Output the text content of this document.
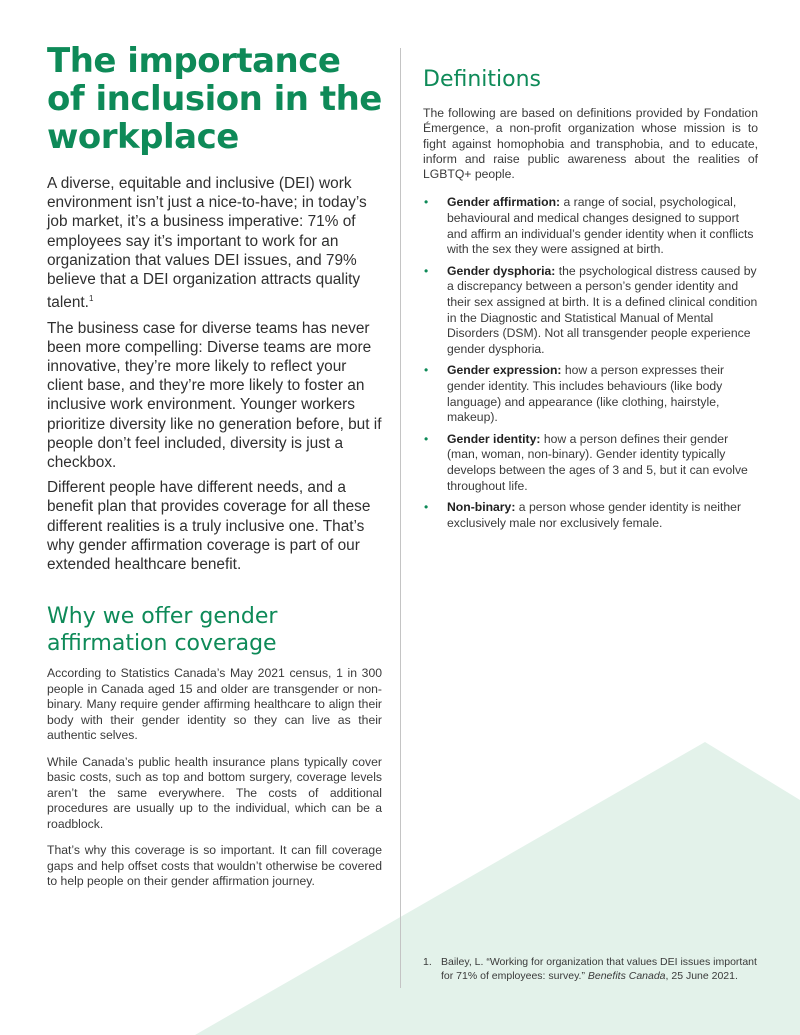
The importance of inclusion in the workplace

A diverse, equitable and inclusive (DEI) work environment isn’t just a nice-to-have; in today’s job market, it’s a business imperative: 71% of employees say it’s important to work for an organization that values DEI issues, and 79% believe that a DEI organization attracts quality talent.$^1$

The business case for diverse teams has never been more compelling: Diverse teams are more innovative, they’re more likely to reflect your client base, and they’re more likely to foster an inclusive work environment. Younger workers prioritize diversity like no generation before, but if people don’t feel included, diversity is just a checkbox.

Different people have different needs, and a benefit plan that provides coverage for all these different realities is a truly inclusive one. That’s why gender affirmation coverage is part of our extended healthcare benefit.

Why we offer gender affirmation coverage

According to Statistics Canada’s May 2021 census, 1 in 300 people in Canada aged 15 and older are transgender or non-binary. Many require gender affirming healthcare to align their body with their gender identity so they can live as their authentic selves.

While Canada’s public health insurance plans typically cover basic costs, such as top and bottom surgery, coverage levels aren’t the same everywhere. The costs of additional procedures are usually up to the individual, which can be a roadblock.

That’s why this coverage is so important. It can fill coverage gaps and help offset costs that wouldn’t otherwise be covered to help people on their gender affirmation journey.

Definitions

The following are based on definitions provided by Fondation Émergence, a non-profit organization whose mission is to fight against homophobia and transphobia, and to educate, inform and raise public awareness about the realities of LGBTQ+ people.

• Gender affirmation: a range of social, psychological, behavioural and medical changes designed to support and affirm an individual’s gender identity when it conflicts with the sex they were assigned at birth.
• Gender dysphoria: the psychological distress caused by a discrepancy between a person’s gender identity and their sex assigned at birth. It is a defined clinical condition in the Diagnostic and Statistical Manual of Mental Disorders (DSM). Not all transgender people experience gender dysphoria.
• Gender expression: how a person expresses their gender identity. This includes behaviours (like body language) and appearance (like clothing, hairstyle, makeup).
• Gender identity: how a person defines their gender (man, woman, non-binary). Gender identity typically develops between the ages of 3 and 5, but it can evolve throughout life.
• Non-binary: a person whose gender identity is neither exclusively male nor exclusively female.
1. Bailey, L. “Working for organization that values DEI issues important for 71% of employees: survey.” Benefits Canada, 25 June 2021.
